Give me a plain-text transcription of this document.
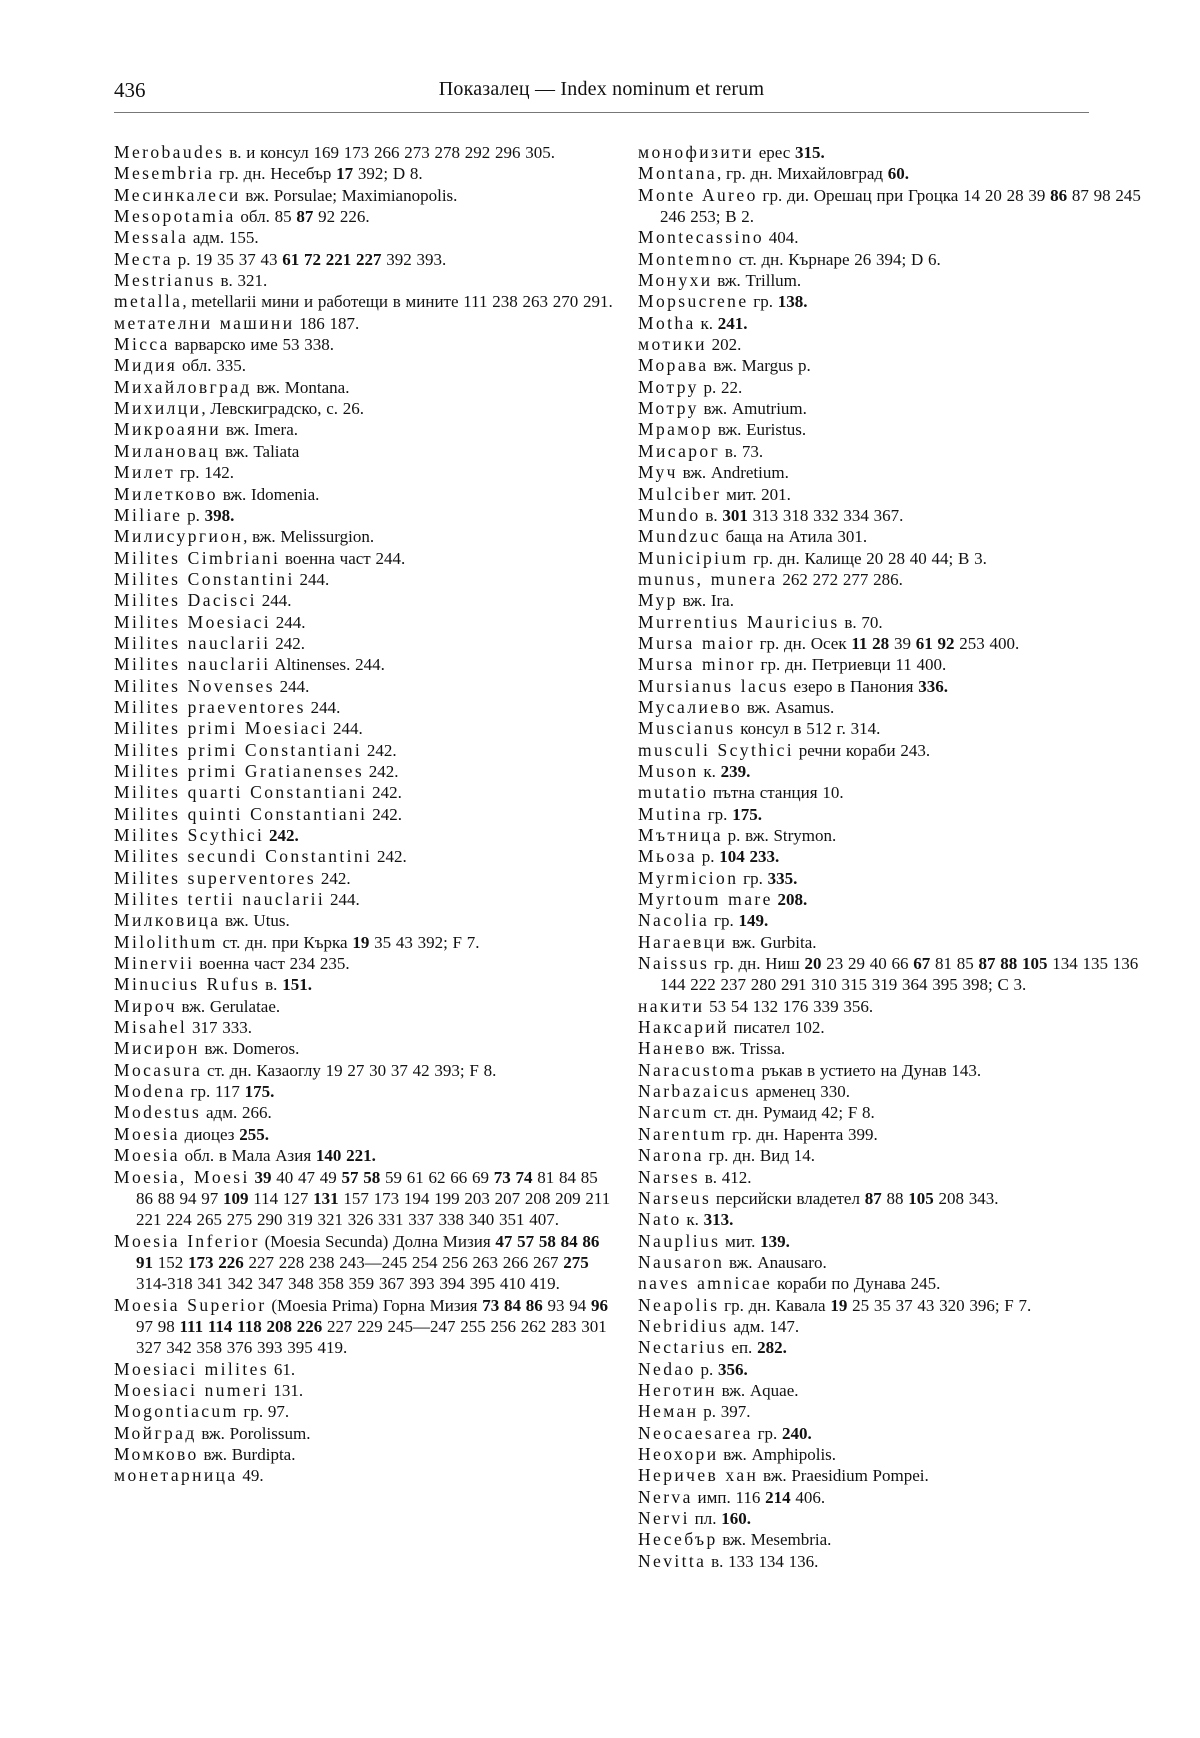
436	Показалец — Index nominum et rerum
Merobaudes в. и консул 169 173 266 273 278 292 296 305.
Mesembria гр. дн. Несебър 17 392; D 8.
Месинкалеси вж. Porsulae; Maximianopolis.
Mesopotamia обл. 85 87 92 226.
Messala адм. 155.
Места р. 19 35 37 43 61 72 221 227 392 393.
Mestrianus в. 321.
metalla, metellarii мини и работещи в мините 111 238 263 270 291.
метателни машини 186 187.
Micca варварско име 53 338.
Мидия обл. 335.
Михайловград вж. Montana.
Михилци, Левскиградско, с. 26.
Микроаяни вж. Imera.
Милановац вж. Taliata
Милет гр. 142.
Милетково вж. Idomenia.
Miliare р. 398.
Милисургион, вж. Melissurgion.
Milites Cimbriani военна част 244.
Milites Constantini 244.
Milites Dacisci 244.
Milites Moesiaci 244.
Milites nauclarii 242.
Milites nauclarii Altinenses. 244.
Milites Novenses 244.
Milites praeventores 244.
Milites primi Moesiaci 244.
Milites primi Constantiani 242.
Milites primi Gratianenses 242.
Milites quarti Constantiani 242.
Milites quinti Constantiani 242.
Milites Scythici 242.
Milites secundi Constantini 242.
Milites superventores 242.
Milites tertii nauclarii 244.
Милковица вж. Utus.
Milolithum ст. дн. при Кърка 19 35 43 392; F 7.
Minervii военна част 234 235.
Minucius Rufus в. 151.
Мироч вж. Gerulatae.
Misahel 317 333.
Мисирон вж. Domeros.
Mocasura ст. дн. Казаоглу 19 27 30 37 42 393; F 8.
Modena гр. 117 175.
Modestus адм. 266.
Moesia диоцез 255.
Moesia обл. в Мала Азия 140 221.
Moesia, Moesi 39 40 47 49 57 58 59 61 62 66 69 73 74 81 84 85 86 88 94 97 109 114 127 131 157 173 194 199 203 207 208 209 211 221 224 265 275 290 319 321 326 331 337 338 340 351 407.
Moesia Inferior (Moesia Secunda) Долна Мизия 47 57 58 84 86 91 152 173 226 227 228 238 243—245 254 256 263 266 267 275 314-318 341 342 347 348 358 359 367 393 394 395 410 419.
Moesia Superior (Moesia Prima) Горна Мизия 73 84 86 93 94 96 97 98 111 114 118 208 226 227 229 245—247 255 256 262 283 301 327 342 358 376 393 395 419.
Moesiaci milites 61.
Moesiaci numeri 131.
Mogontiacum гр. 97.
Мойград вж. Porolissum.
Момково вж. Burdipta.
монетарница 49.
монофизити ерес 315.
Montana, гр. дн. Михайловград 60.
Monte Aureo гр. ди. Орешац при Гроцка 14 20 28 39 86 87 98 245 246 253; B 2.
Montecassino 404.
Montemno ст. дн. Кърнаре 26 394; D 6.
Монухи вж. Trillum.
Mopsucrene гр. 138.
Motha к. 241.
мотики 202.
Морава вж. Margus р.
Мотру р. 22.
Мотру вж. Amutrium.
Мрамор вж. Euristus.
Мисарог в. 73.
Муч вж. Andretium.
Mulciber мит. 201.
Mundo в. 301 313 318 332 334 367.
Mundzuc баща на Атила 301.
Municipium гр. дн. Калище 20 28 40 44; B 3.
munus, munera 262 272 277 286.
Мур вж. Ira.
Murrentius Mauricius в. 70.
Mursa maior гр. дн. Осек 11 28 39 61 92 253 400.
Mursa minor гр. дн. Петриевци 11 400.
Mursianus lacus езеро в Панония 336.
Мусалиево вж. Asamus.
Muscianus консул в 512 г. 314.
musculi Scythici речни кораби 243.
Muson к. 239.
mutatio пътна станция 10.
Mutina гр. 175.
Мътница р. вж. Strymon.
Мьоза р. 104 233.
Myrmicion гр. 335.
Myrtoum mare 208.
Nacolia гр. 149.
Нагаевци вж. Gurbita.
Naissus гр. дн. Ниш 20 23 29 40 66 67 81 85 87 88 105 134 135 136 144 222 237 280 291 310 315 319 364 395 398; C 3.
накити 53 54 132 176 339 356.
Наксарий писател 102.
Наневo вж. Trissa.
Naracustoma ръкав в устието на Дунав 143.
Narbazaicus арменец 330.
Narcum ст. дн. Румаид 42; F 8.
Narentum гр. дн. Нарента 399.
Narona гр. дн. Вид 14.
Narses в. 412.
Narseus персийски владетел 87 88 105 208 343.
Nato к. 313.
Nauplius мит. 139.
Nausaron вж. Anausaro.
naves amnicae кораби по Дунава 245.
Neapolis гр. дн. Кавала 19 25 35 37 43 320 396; F 7.
Nebridius адм. 147.
Nectarius еп. 282.
Nedao р. 356.
Неготин вж. Aquae.
Неман р. 397.
Neocaesarea гр. 240.
Неохори вж. Amphipolis.
Неричев хан вж. Praesidium Pompei.
Nerva имп. 116 214 406.
Nervi пл. 160.
Несебър вж. Mesembria.
Nevitta в. 133 134 136.
